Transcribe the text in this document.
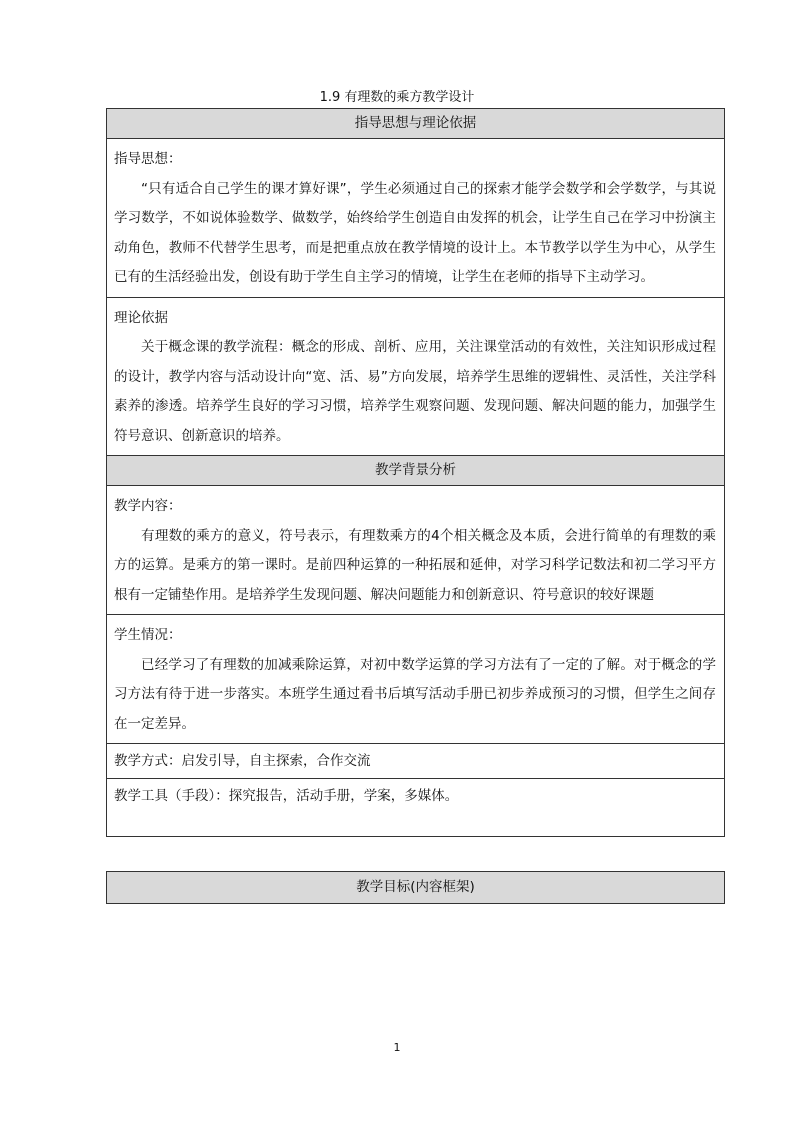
1.9 有理数的乘方教学设计
指导思想与理论依据

指导思想：

“只有适合自己学生的课才算好课”，学生必须通过自己的探索才能学会数学和会学数学，与其说学习数学，不如说体验数学、做数学，始终给学生创造自由发挥的机会，让学生自己在学习中扮演主动角色，教师不代替学生思考，而是把重点放在教学情境的设计上。本节教学以学生为中心，从学生已有的生活经验出发，创设有助于学生自主学习的情境，让学生在老师的指导下主动学习。

理论依据

关于概念课的教学流程：概念的形成、剖析、应用，关注课堂活动的有效性，关注知识形成过程的设计，教学内容与活动设计向“宽、活、易”方向发展，培养学生思维的逻辑性、灵活性，关注学科素养的渗透。培养学生良好的学习习惯，培养学生观察问题、发现问题、解决问题的能力，加强学生符号意识、创新意识的培养。

教学背景分析

教学内容：

有理数的乘方的意义，符号表示，有理数乘方的4个相关概念及本质，会进行简单的有理数的乘方的运算。是乘方的第一课时。是前四种运算的一种拓展和延伸，对学习科学记数法和初二学习平方根有一定铺垫作用。是培养学生发现问题、解决问题能力和创新意识、符号意识的较好课题

学生情况：

已经学习了有理数的加减乘除运算，对初中数学运算的学习方法有了一定的了解。对于概念的学习方法有待于进一步落实。本班学生通过看书后填写活动手册已初步养成预习的习惯，但学生之间存在一定差异。

教学方式：启发引导，自主探索，合作交流
教学工具（手段）：探究报告，活动手册，学案，多媒体。
教学目标(内容框架)
1
